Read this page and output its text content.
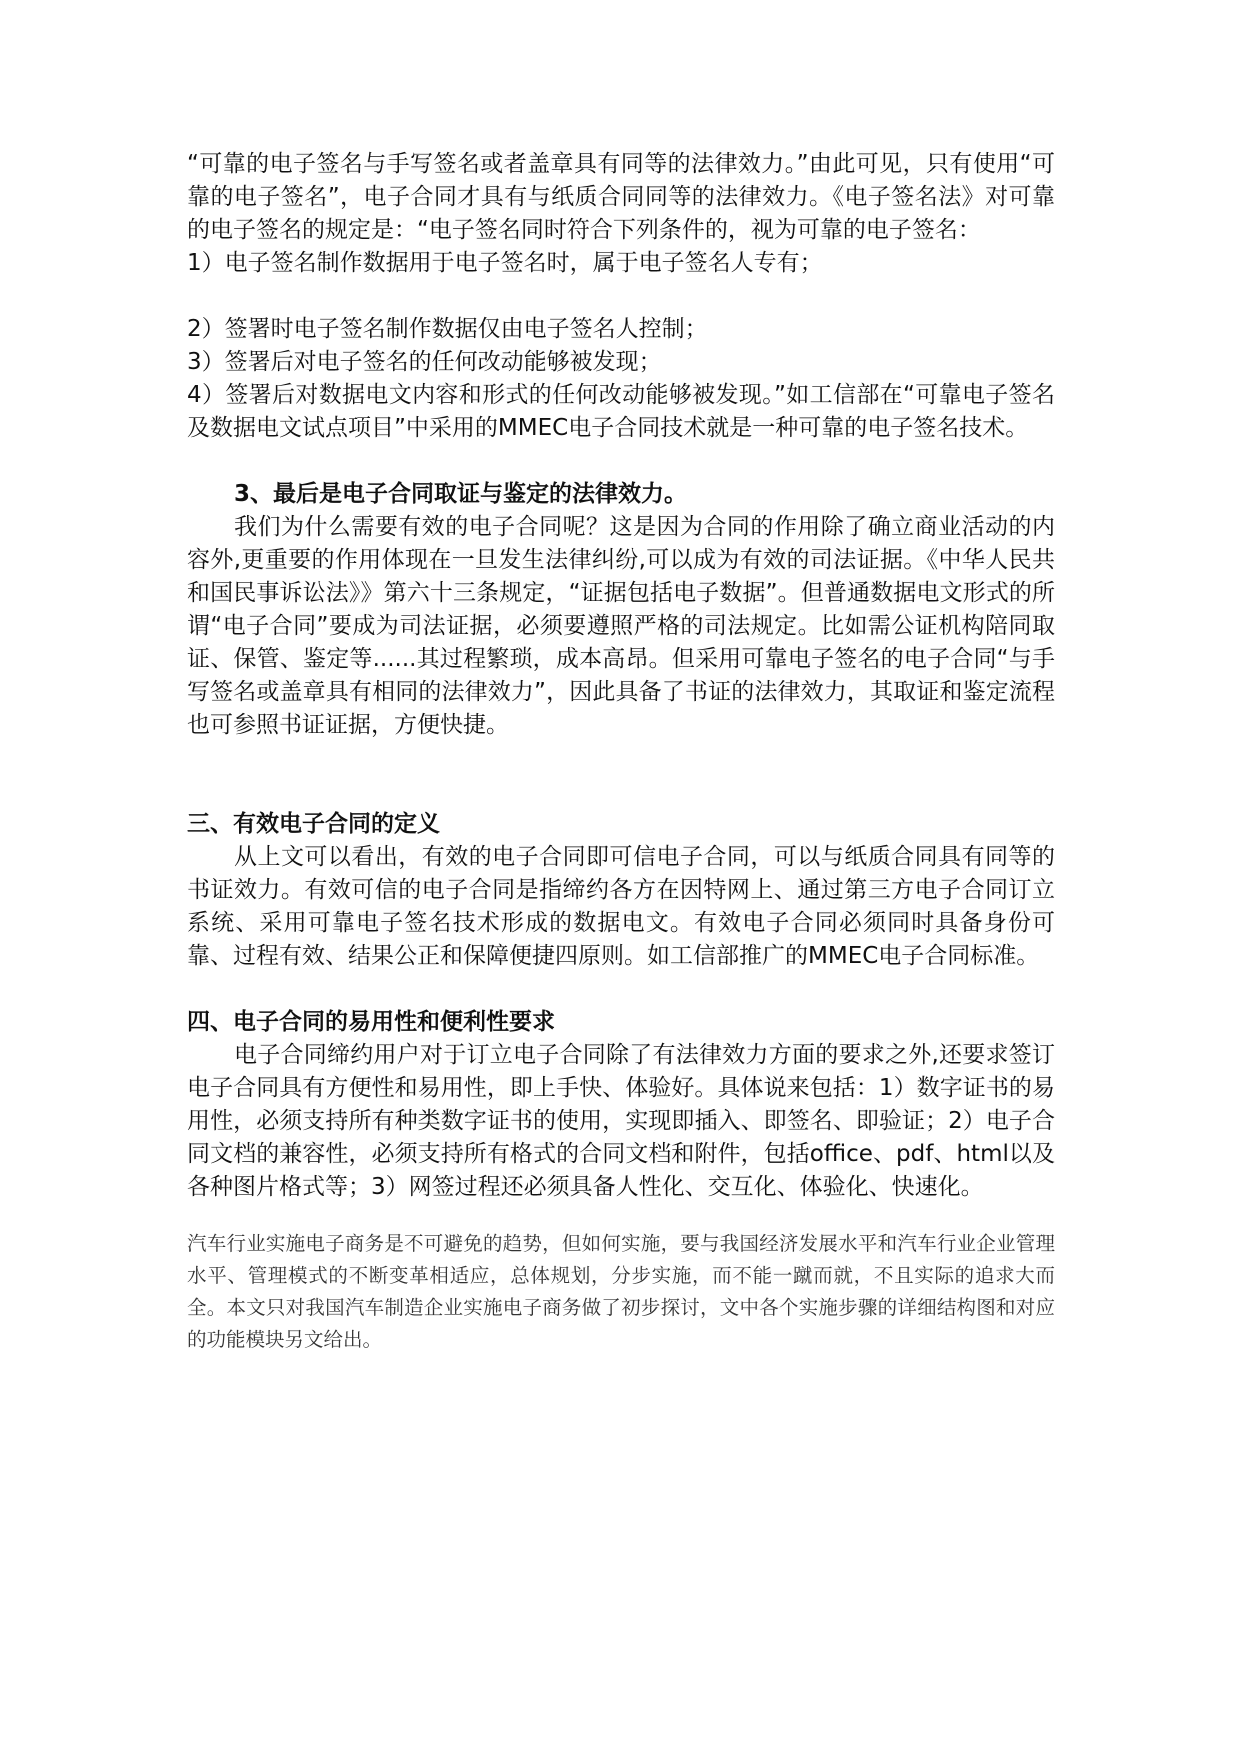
“可靠的电子签名与手写签名或者盖章具有同等的法律效力。”由此可见，只有使用“可靠的电子签名”，电子合同才具有与纸质合同同等的法律效力。《电子签名法》对可靠的电子签名的规定是：“电子签名同时符合下列条件的，视为可靠的电子签名：

1）电子签名制作数据用于电子签名时，属于电子签名人专有；

2）签署时电子签名制作数据仅由电子签名人控制；

3）签署后对电子签名的任何改动能够被发现；

4）签署后对数据电文内容和形式的任何改动能够被发现。”如工信部在“可靠电子签名及数据电文试点项目”中采用的MMEC电子合同技术就是一种可靠的电子签名技术。

3、最后是电子合同取证与鉴定的法律效力。

我们为什么需要有效的电子合同呢？这是因为合同的作用除了确立商业活动的内容外,更重要的作用体现在一旦发生法律纠纷,可以成为有效的司法证据。《中华人民共和国民事诉讼法》》第六十三条规定，“证据包括电子数据”。但普通数据电文形式的所谓“电子合同”要成为司法证据，必须要遵照严格的司法规定。比如需公证机构陪同取证、保管、鉴定等......其过程繁琐，成本高昂。但采用可靠电子签名的电子合同“与手写签名或盖章具有相同的法律效力”，因此具备了书证的法律效力，其取证和鉴定流程也可参照书证证据，方便快捷。

三、有效电子合同的定义

从上文可以看出，有效的电子合同即可信电子合同，可以与纸质合同具有同等的书证效力。有效可信的电子合同是指缔约各方在因特网上、通过第三方电子合同订立系统、采用可靠电子签名技术形成的数据电文。有效电子合同必须同时具备身份可靠、过程有效、结果公正和保障便捷四原则。如工信部推广的MMEC电子合同标准。

四、电子合同的易用性和便利性要求

电子合同缔约用户对于订立电子合同除了有法律效力方面的要求之外,还要求签订电子合同具有方便性和易用性，即上手快、体验好。具体说来包括：1）数字证书的易用性，必须支持所有种类数字证书的使用，实现即插入、即签名、即验证；2）电子合同文档的兼容性，必须支持所有格式的合同文档和附件，包括office、pdf、html以及各种图片格式等；3）网签过程还必须具备人性化、交互化、体验化、快速化。

汽车行业实施电子商务是不可避免的趋势，但如何实施，要与我国经济发展水平和汽车行业企业管理水平、管理模式的不断变革相适应，总体规划，分步实施，而不能一蹴而就，不且实际的追求大而全。本文只对我国汽车制造企业实施电子商务做了初步探讨，文中各个实施步骤的详细结构图和对应的功能模块另文给出。
